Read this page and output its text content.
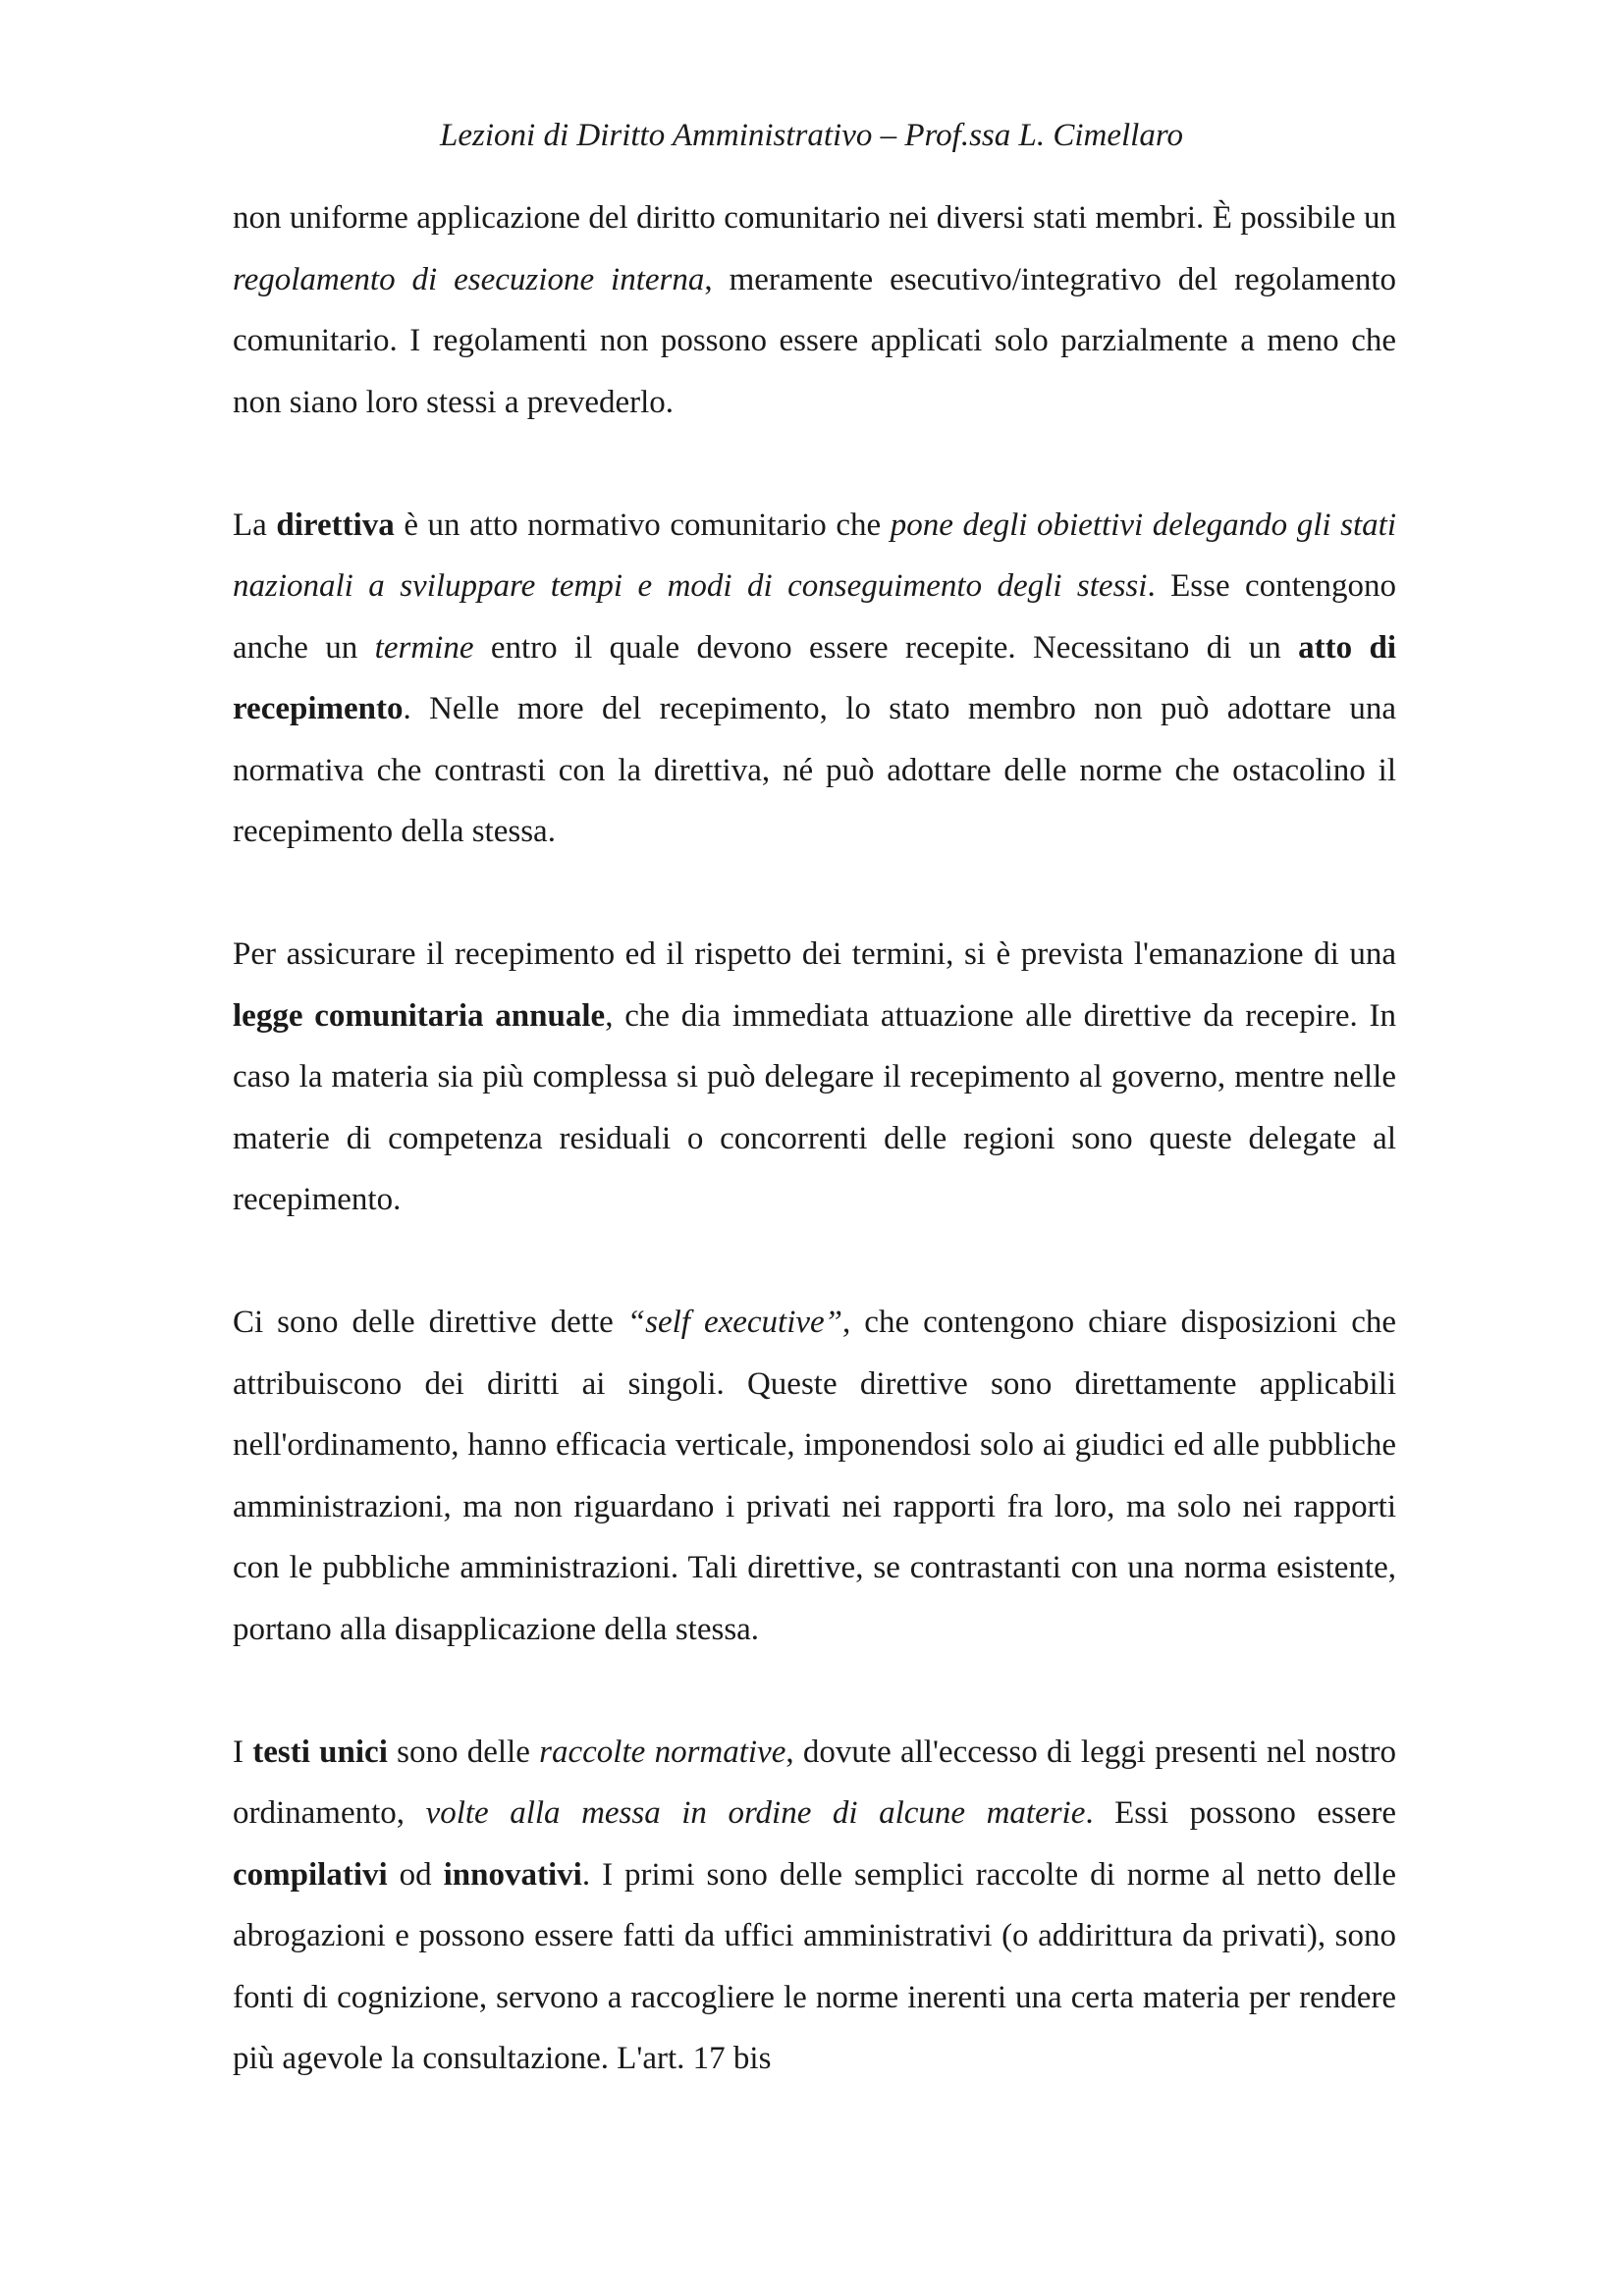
Lezioni di Diritto Amministrativo – Prof.ssa L. Cimellaro

non uniforme applicazione del diritto comunitario nei diversi stati membri. È possibile un regolamento di esecuzione interna, meramente esecutivo/integrativo del regolamento comunitario. I regolamenti non possono essere applicati solo parzialmente a meno che non siano loro stessi a prevederlo.

La direttiva è un atto normativo comunitario che pone degli obiettivi delegando gli stati nazionali a sviluppare tempi e modi di conseguimento degli stessi. Esse contengono anche un termine entro il quale devono essere recepite. Necessitano di un atto di recepimento. Nelle more del recepimento, lo stato membro non può adottare una normativa che contrasti con la direttiva, né può adottare delle norme che ostacolino il recepimento della stessa.

Per assicurare il recepimento ed il rispetto dei termini, si è prevista l'emanazione di una legge comunitaria annuale, che dia immediata attuazione alle direttive da recepire. In caso la materia sia più complessa si può delegare il recepimento al governo, mentre nelle materie di competenza residuali o concorrenti delle regioni sono queste delegate al recepimento.

Ci sono delle direttive dette “self executive”, che contengono chiare disposizioni che attribuiscono dei diritti ai singoli. Queste direttive sono direttamente applicabili nell'ordinamento, hanno efficacia verticale, imponendosi solo ai giudici ed alle pubbliche amministrazioni, ma non riguardano i privati nei rapporti fra loro, ma solo nei rapporti con le pubbliche amministrazioni. Tali direttive, se contrastanti con una norma esistente, portano alla disapplicazione della stessa.

I testi unici sono delle raccolte normative, dovute all'eccesso di leggi presenti nel nostro ordinamento, volte alla messa in ordine di alcune materie. Essi possono essere compilativi od innovativi. I primi sono delle semplici raccolte di norme al netto delle abrogazioni e possono essere fatti da uffici amministrativi (o addirittura da privati), sono fonti di cognizione, servono a raccogliere le norme inerenti una certa materia per rendere più agevole la consultazione. L'art. 17 bis
